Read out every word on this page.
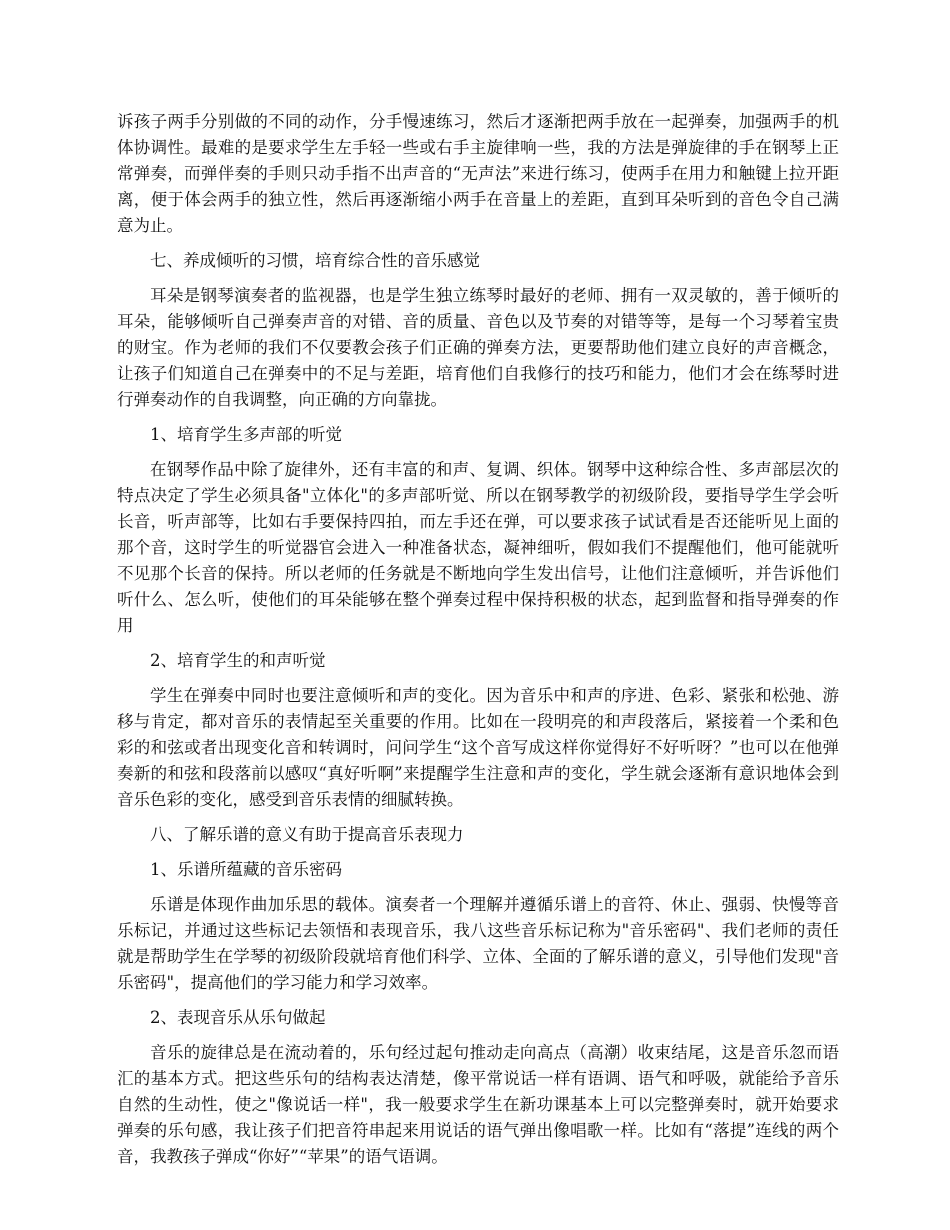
诉孩子两手分别做的不同的动作，分手慢速练习，然后才逐渐把两手放在一起弹奏，加强两手的机体协调性。最难的是要求学生左手轻一些或右手主旋律响一些，我的方法是弹旋律的手在钢琴上正常弹奏，而弹伴奏的手则只动手指不出声音的“无声法”来进行练习，使两手在用力和触键上拉开距离，便于体会两手的独立性，然后再逐渐缩小两手在音量上的差距，直到耳朵听到的音色令自己满意为止。

七、养成倾听的习惯，培育综合性的音乐感觉

耳朵是钢琴演奏者的监视器，也是学生独立练琴时最好的老师、拥有一双灵敏的，善于倾听的耳朵，能够倾听自己弹奏声音的对错、音的质量、音色以及节奏的对错等等，是每一个习琴着宝贵的财宝。作为老师的我们不仅要教会孩子们正确的弹奏方法，更要帮助他们建立良好的声音概念，让孩子们知道自己在弹奏中的不足与差距，培育他们自我修行的技巧和能力，他们才会在练琴时进行弹奏动作的自我调整，向正确的方向靠拢。

1、培育学生多声部的听觉

在钢琴作品中除了旋律外，还有丰富的和声、复调、织体。钢琴中这种综合性、多声部层次的特点决定了学生必须具备"立体化"的多声部听觉、所以在钢琴教学的初级阶段，要指导学生学会听长音，听声部等，比如右手要保持四拍，而左手还在弹，可以要求孩子试试看是否还能听见上面的那个音，这时学生的听觉器官会进入一种准备状态，凝神细听，假如我们不提醒他们，他可能就听不见那个长音的保持。所以老师的任务就是不断地向学生发出信号，让他们注意倾听，并告诉他们听什么、怎么听，使他们的耳朵能够在整个弹奏过程中保持积极的状态，起到监督和指导弹奏的作用

2、培育学生的和声听觉

学生在弹奏中同时也要注意倾听和声的变化。因为音乐中和声的序进、色彩、紧张和松弛、游移与肯定，都对音乐的表情起至关重要的作用。比如在一段明亮的和声段落后，紧接着一个柔和色彩的和弦或者出现变化音和转调时，问问学生“这个音写成这样你觉得好不好听呀？”也可以在他弹奏新的和弦和段落前以感叹“真好听啊”来提醒学生注意和声的变化，学生就会逐渐有意识地体会到音乐色彩的变化，感受到音乐表情的细腻转换。

八、了解乐谱的意义有助于提高音乐表现力

1、乐谱所蕴藏的音乐密码

乐谱是体现作曲加乐思的载体。演奏者一个理解并遵循乐谱上的音符、休止、强弱、快慢等音乐标记，并通过这些标记去领悟和表现音乐，我八这些音乐标记称为"音乐密码"、我们老师的责任就是帮助学生在学琴的初级阶段就培育他们科学、立体、全面的了解乐谱的意义，引导他们发现"音乐密码"，提高他们的学习能力和学习效率。

2、表现音乐从乐句做起

音乐的旋律总是在流动着的，乐句经过起句推动走向高点（高潮）收束结尾，这是音乐忽而语汇的基本方式。把这些乐句的结构表达清楚，像平常说话一样有语调、语气和呼吸，就能给予音乐自然的生动性，使之"像说话一样"，我一般要求学生在新功课基本上可以完整弹奏时，就开始要求弹奏的乐句感，我让孩子们把音符串起来用说话的语气弹出像唱歌一样。比如有“落提”连线的两个音，我教孩子弹成“你好”“苹果”的语气语调。
